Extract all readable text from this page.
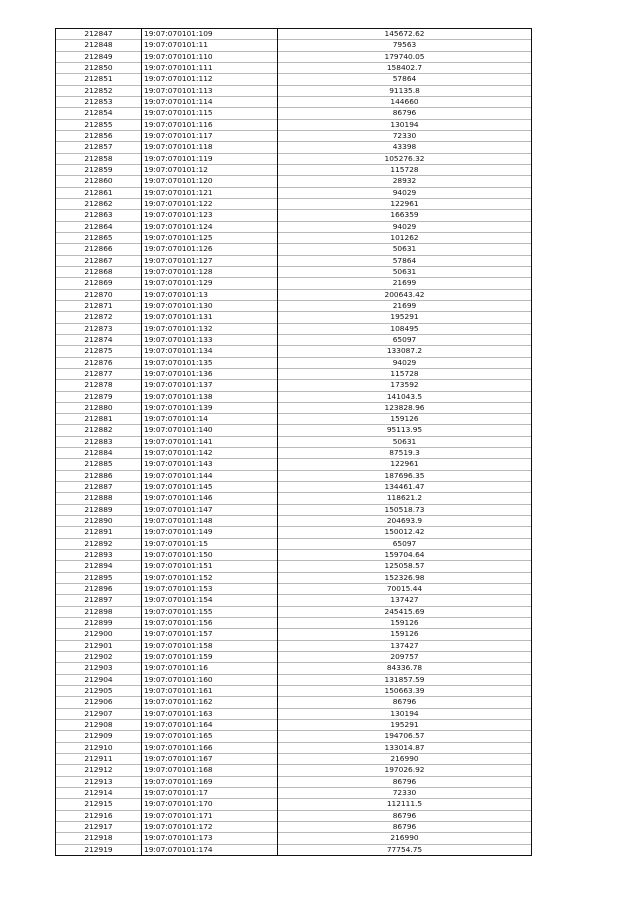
212847	19:07:070101:109	145672.62
212848	19:07:070101:11	79563
212849	19:07:070101:110	179740.05
212850	19:07:070101:111	158402.7
212851	19:07:070101:112	57864
212852	19:07:070101:113	91135.8
212853	19:07:070101:114	144660
212854	19:07:070101:115	86796
212855	19:07:070101:116	130194
212856	19:07:070101:117	72330
212857	19:07:070101:118	43398
212858	19:07:070101:119	105276.32
212859	19:07:070101:12	115728
212860	19:07:070101:120	28932
212861	19:07:070101:121	94029
212862	19:07:070101:122	122961
212863	19:07:070101:123	166359
212864	19:07:070101:124	94029
212865	19:07:070101:125	101262
212866	19:07:070101:126	50631
212867	19:07:070101:127	57864
212868	19:07:070101:128	50631
212869	19:07:070101:129	21699
212870	19:07:070101:13	200643.42
212871	19:07:070101:130	21699
212872	19:07:070101:131	195291
212873	19:07:070101:132	108495
212874	19:07:070101:133	65097
212875	19:07:070101:134	133087.2
212876	19:07:070101:135	94029
212877	19:07:070101:136	115728
212878	19:07:070101:137	173592
212879	19:07:070101:138	141043.5
212880	19:07:070101:139	123828.96
212881	19:07:070101:14	159126
212882	19:07:070101:140	95113.95
212883	19:07:070101:141	50631
212884	19:07:070101:142	87519.3
212885	19:07:070101:143	122961
212886	19:07:070101:144	187696.35
212887	19:07:070101:145	134461.47
212888	19:07:070101:146	118621.2
212889	19:07:070101:147	150518.73
212890	19:07:070101:148	204693.9
212891	19:07:070101:149	150012.42
212892	19:07:070101:15	65097
212893	19:07:070101:150	159704.64
212894	19:07:070101:151	125058.57
212895	19:07:070101:152	152326.98
212896	19:07:070101:153	70015.44
212897	19:07:070101:154	137427
212898	19:07:070101:155	245415.69
212899	19:07:070101:156	159126
212900	19:07:070101:157	159126
212901	19:07:070101:158	137427
212902	19:07:070101:159	209757
212903	19:07:070101:16	84336.78
212904	19:07:070101:160	131857.59
212905	19:07:070101:161	150663.39
212906	19:07:070101:162	86796
212907	19:07:070101:163	130194
212908	19:07:070101:164	195291
212909	19:07:070101:165	194706.57
212910	19:07:070101:166	133014.87
212911	19:07:070101:167	216990
212912	19:07:070101:168	197026.92
212913	19:07:070101:169	86796
212914	19:07:070101:17	72330
212915	19:07:070101:170	112111.5
212916	19:07:070101:171	86796
212917	19:07:070101:172	86796
212918	19:07:070101:173	216990
212919	19:07:070101:174	77754.75
